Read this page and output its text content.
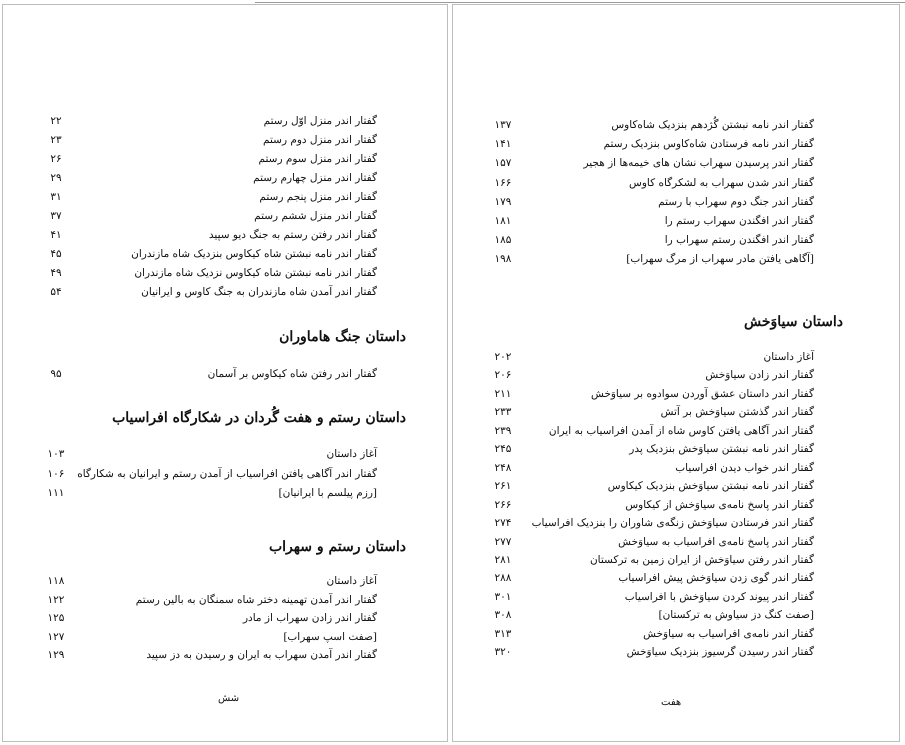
گفتار اندر منزل اوّل رستم
۲۲
گفتار اندر منزل دوم رستم
۲۳
گفتار اندر منزل سوم رستم
۲۶
گفتار اندر منزل چهارم رستم
۲۹
گفتار اندر منزل پنجم رستم
۳۱
گفتار اندر منزل ششم رستم
۳۷
گفتار اندر رفتن رستم به جنگ دیو سپید
۴۱
گفتار اندر نامه نبشتن شاه کیکاوس بنزدیک شاه مازندران
۴۵
گفتار اندر نامه نبشتن شاه کیکاوس نزدیک شاه مازندران
۴۹
گفتار اندر آمدن شاه مازندران به جنگ کاوس و ایرانیان
۵۴
داستان جنگ هاماوران
گفتار اندر رفتن شاه کیکاوس بر آسمان
۹۵
داستان رستم و هفت گُردان در شکارگاه افراسیاب
آغاز داستان
۱۰۳
گفتار اندر آگاهی یافتن افراسیاب از آمدن رستم و ایرانیان به شکارگاه
۱۰۶
[رزم پیلسم با ایرانیان]
۱۱۱
داستان رستم و سهراب
آغاز داستان
۱۱۸
گفتار اندر آمدن تهمینه دختر شاه سمنگان به بالین رستم
۱۲۲
گفتار اندر زادن سهراب از مادر
۱۲۵
[صفت اسپ سهراب]
۱۲۷
گفتار اندر آمدن سهراب به ایران و رسیدن به دز سپید
۱۲۹
شش
گفتار اندر نامه نبشتن گُژدهم بنزدیک شاه‌کاوس
۱۳۷
گفتار اندر نامه فرستادن شاه‌کاوس بنزدیک رستم
۱۴۱
گفتار اندر پرسیدن سهراب نشان های خیمه‌ها از هجیر
۱۵۷
گفتار اندر شدن سهراب به لشکرگاه کاوس
۱۶۶
گفتار اندر جنگ دوم سهراب با رستم
۱۷۹
گفتار اندر افگندن سهراب رستم را
۱۸۱
گفتار اندر افگندن رستم سهراب را
۱۸۵
[آگاهی یافتن مادر سهراب از مرگ سهراب]
۱۹۸
داستان سیاوَخش
آغاز داستان
۲۰۲
گفتار اندر زادن سیاوَخش
۲۰۶
گفتار اندر داستان عشق آوردن سوادوه بر سیاوَخش
۲۱۱
گفتار اندر گذشتن سیاوَخش بر آتش
۲۳۳
گفتار اندر آگاهی یافتن کاوس شاه از آمدن افراسیاب به ایران
۲۳۹
گفتار اندر نامه نبشتن سیاوَخش بنزدیک پدر
۲۴۵
گفتار اندر خواب دیدن افراسیاب
۲۴۸
گفتار اندر نامه نبشتن سیاوَخش بنزدیک کیکاوس
۲۶۱
گفتار اندر پاسخ نامه‌ی سیاوَخش از کیکاوس
۲۶۶
گفتار اندر فرستادن سیاوَخش زنگه‌ی شاوران را بنزدیک افراسیاب
۲۷۴
گفتار اندر پاسخ نامه‌ی افراسیاب به سیاوَخش
۲۷۷
گفتار اندر رفتن سیاوَخش از ایران زمین به ترکستان
۲۸۱
گفتار اندر گوی زدن سیاوَخش پیش افراسیاب
۲۸۸
گفتار اندر پیوند کردن سیاوَخش با افراسیاب
۳۰۱
[صفت کنگ دز سیاوش به ترکستان]
۳۰۸
گفتار اندر نامه‌ی افراسیاب به سیاوَخش
۳۱۳
گفتار اندر رسیدن گرسیوز بنزدیک سیاوَخش
۳۲۰
هفت
